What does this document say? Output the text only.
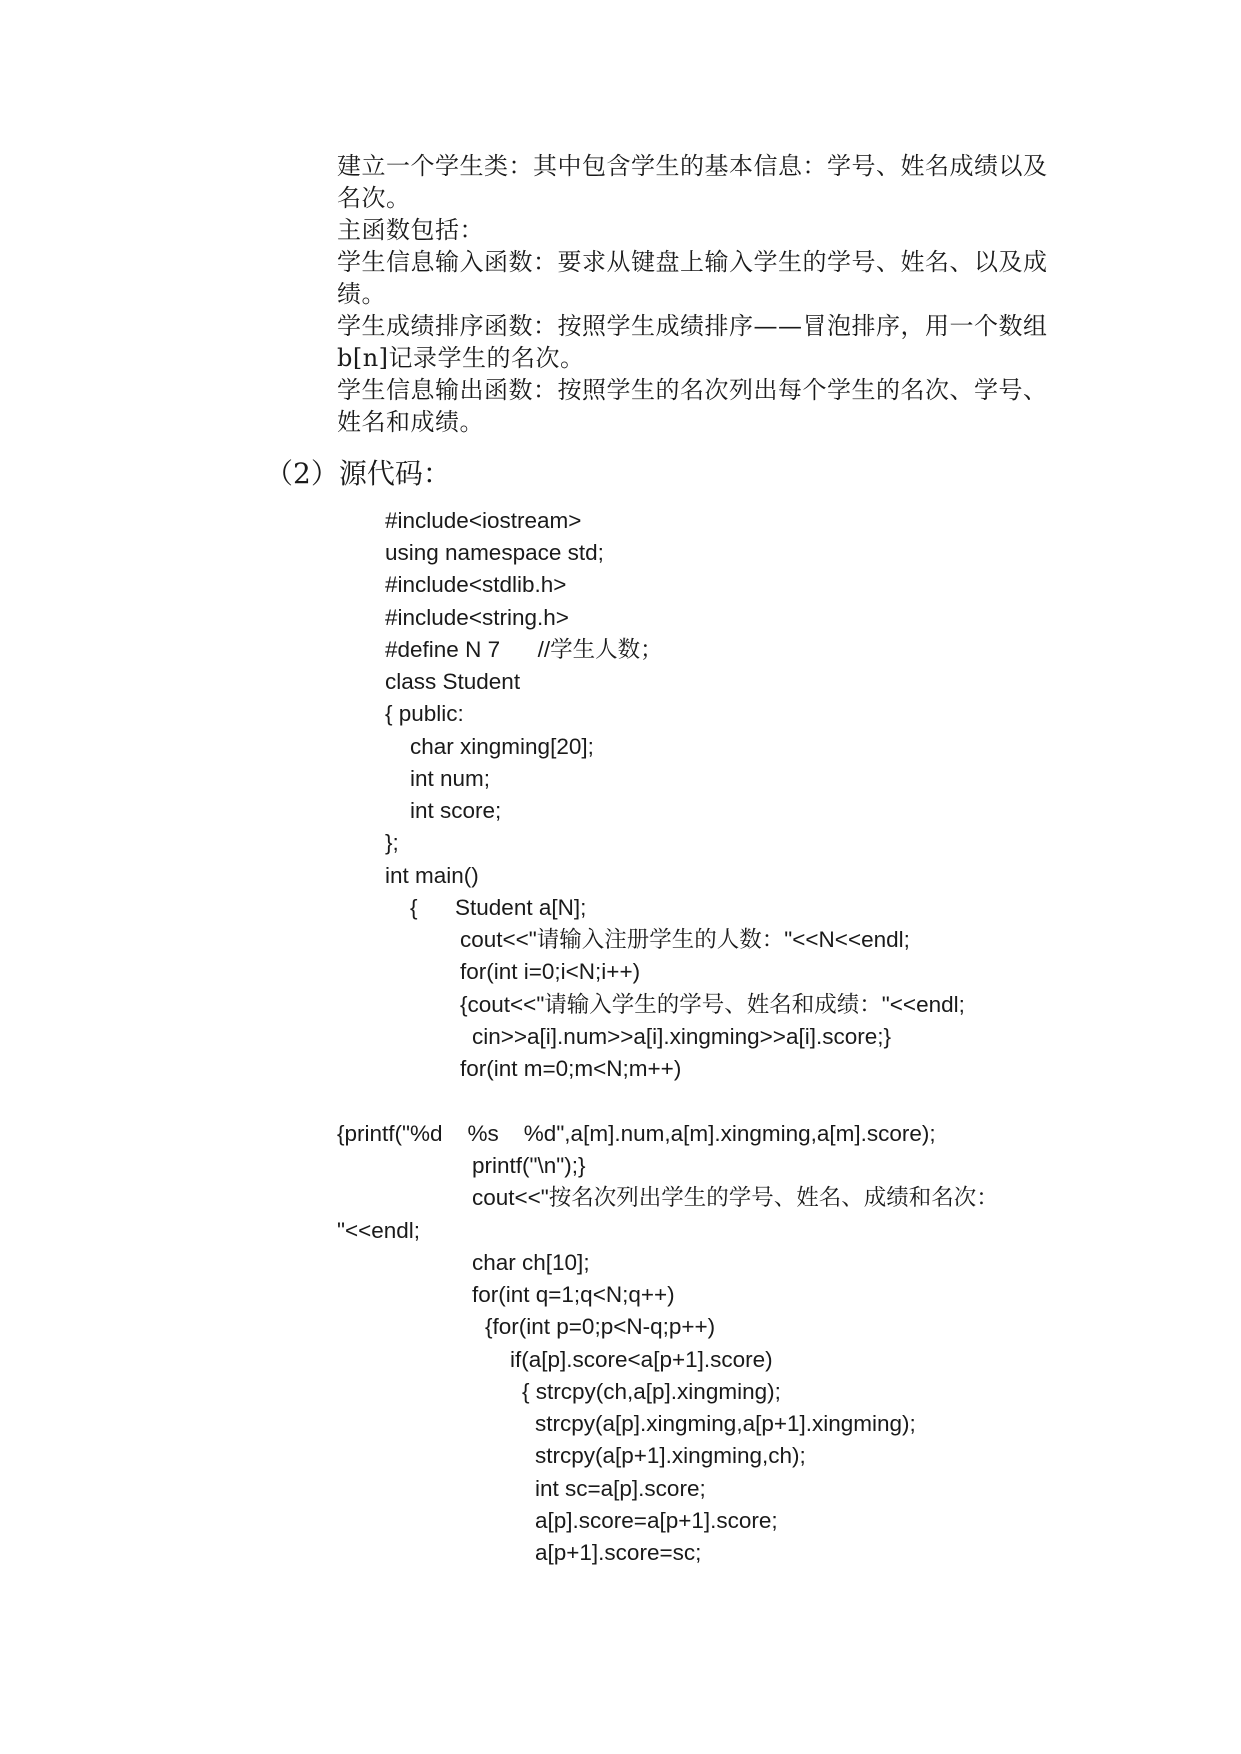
建立一个学生类：其中包含学生的基本信息：学号、姓名成绩以及
名次。
主函数包括：
学生信息输入函数：要求从键盘上输入学生的学号、姓名、以及成
绩。
学生成绩排序函数：按照学生成绩排序——冒泡排序，用一个数组
b[n]记录学生的名次。
学生信息输出函数：按照学生的名次列出每个学生的名次、学号、
姓名和成绩。
（2）源代码：
#include<iostream>
using namespace std;
#include<stdlib.h>
#include<string.h>
#define N 7      //学生人数；
class Student
{ public:
char xingming[20];
int num;
int score;
};
int main()
{      Student a[N];
cout<<"请输入注册学生的人数："<<N<<endl;
for(int i=0;i<N;i++)
{cout<<"请输入学生的学号、姓名和成绩："<<endl;
cin>>a[i].num>>a[i].xingming>>a[i].score;}
for(int m=0;m<N;m++)
{printf("%d    %s    %d",a[m].num,a[m].xingming,a[m].score);
printf("\n");}
cout<<"按名次列出学生的学号、姓名、成绩和名次：
"<<endl;
char ch[10];
for(int q=1;q<N;q++)
{for(int p=0;p<N-q;p++)
if(a[p].score<a[p+1].score)
{ strcpy(ch,a[p].xingming);
strcpy(a[p].xingming,a[p+1].xingming);
strcpy(a[p+1].xingming,ch);
int sc=a[p].score;
a[p].score=a[p+1].score;
a[p+1].score=sc;
